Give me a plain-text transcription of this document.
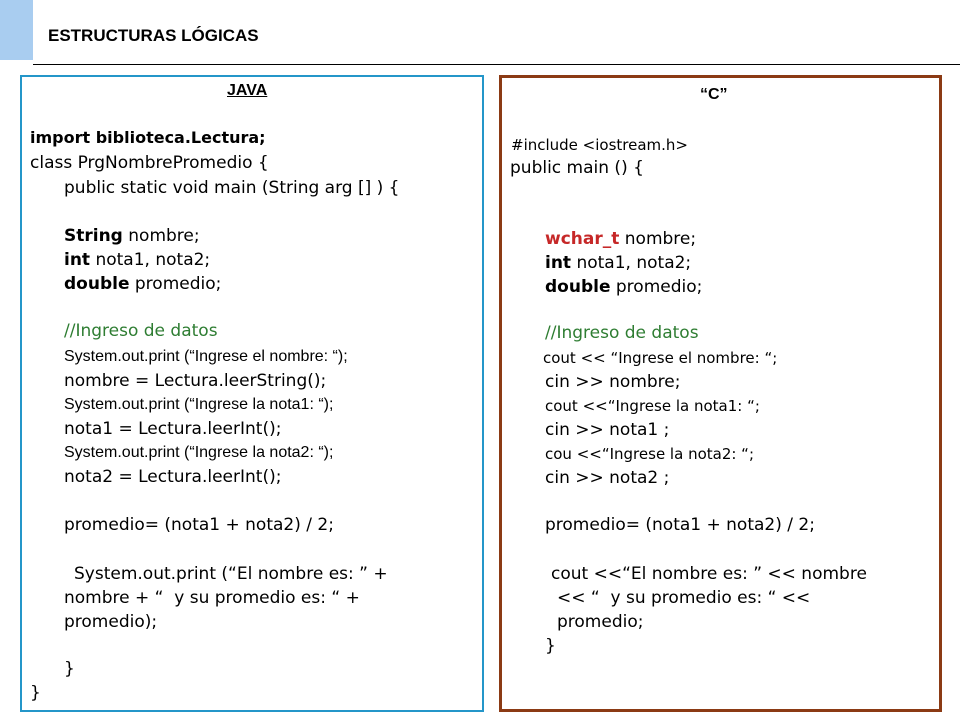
ESTRUCTURAS LÓGICAS
JAVA
import biblioteca.Lectura;
class PrgNombrePromedio {
public static void main (String arg [] ) {
String nombre;
int nota1, nota2;
double promedio;
//Ingreso de datos
System.out.print (“Ingrese el nombre: “);
nombre = Lectura.leerString();
System.out.print (“Ingrese la nota1: “);
nota1 = Lectura.leerInt();
System.out.print (“Ingrese la nota2: “);
nota2 = Lectura.leerInt();
promedio= (nota1 + nota2) / 2;
System.out.print (“El nombre es: ” +
nombre + “  y su promedio es: “ +
promedio);
}
}
“C”
#include <iostream.h>
public main () {
wchar_t nombre;
int nota1, nota2;
double promedio;
//Ingreso de datos
cout << “Ingrese el nombre: “;
cin >> nombre;
cout <<“Ingrese la nota1: “;
cin >> nota1 ;
cou <<“Ingrese la nota2: “;
cin >> nota2 ;
promedio= (nota1 + nota2) / 2;
cout <<“El nombre es: ” << nombre
<< “  y su promedio es: “ <<
promedio;
}
